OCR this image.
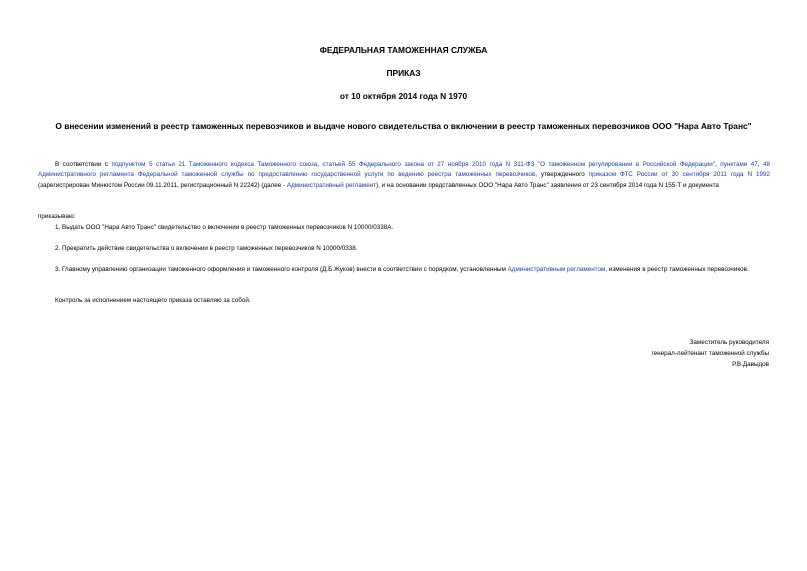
ФЕДЕРАЛЬНАЯ ТАМОЖЕННАЯ СЛУЖБА
ПРИКАЗ
от 10 октября 2014 года N 1970
О внесении изменений в реестр таможенных перевозчиков и выдаче нового свидетельства о включении в реестр таможенных перевозчиков ООО "Нара Авто Транс"
В соответствии с подпунктом 5 статьи 21 Таможенного кодекса Таможенного союза, статьей 55 Федерального закона от 27 ноября 2010 года N 311-ФЗ "О таможенном регулировании в Российской Федерации", пунктами 47, 48 Административного регламента Федеральной таможенной службы по предоставлению государственной услуги по ведению реестра таможенных перевозчиков, утвержденного приказом ФТС России от 30 сентября 2011 года N 1992 (зарегистрирован Минюстом России 09.11.2011, регистрационный N 22242) (далее - Административный регламент), и на основании представленных ООО "Нара Авто Транс" заявления от 23 сентября 2014 года N 155-Т и документа
приказываю:
1. Выдать ООО "Нара Авто Транс" свидетельство о включении в реестр таможенных перевозчиков N 10000/0338А.
2. Прекратить действие свидетельства о включении в реестр таможенных перевозчиков N 10000/0338.
3. Главному управлению организации таможенного оформления и таможенного контроля (Д.Б.Жуков) внести в соответствии с порядком, установленным Административным регламентом, изменения в реестр таможенных перевозчиков.
Контроль за исполнением настоящего приказа оставляю за собой.
Заместитель руководителя
генерал-лейтенант таможенной службы
Р.В.Давыдов
